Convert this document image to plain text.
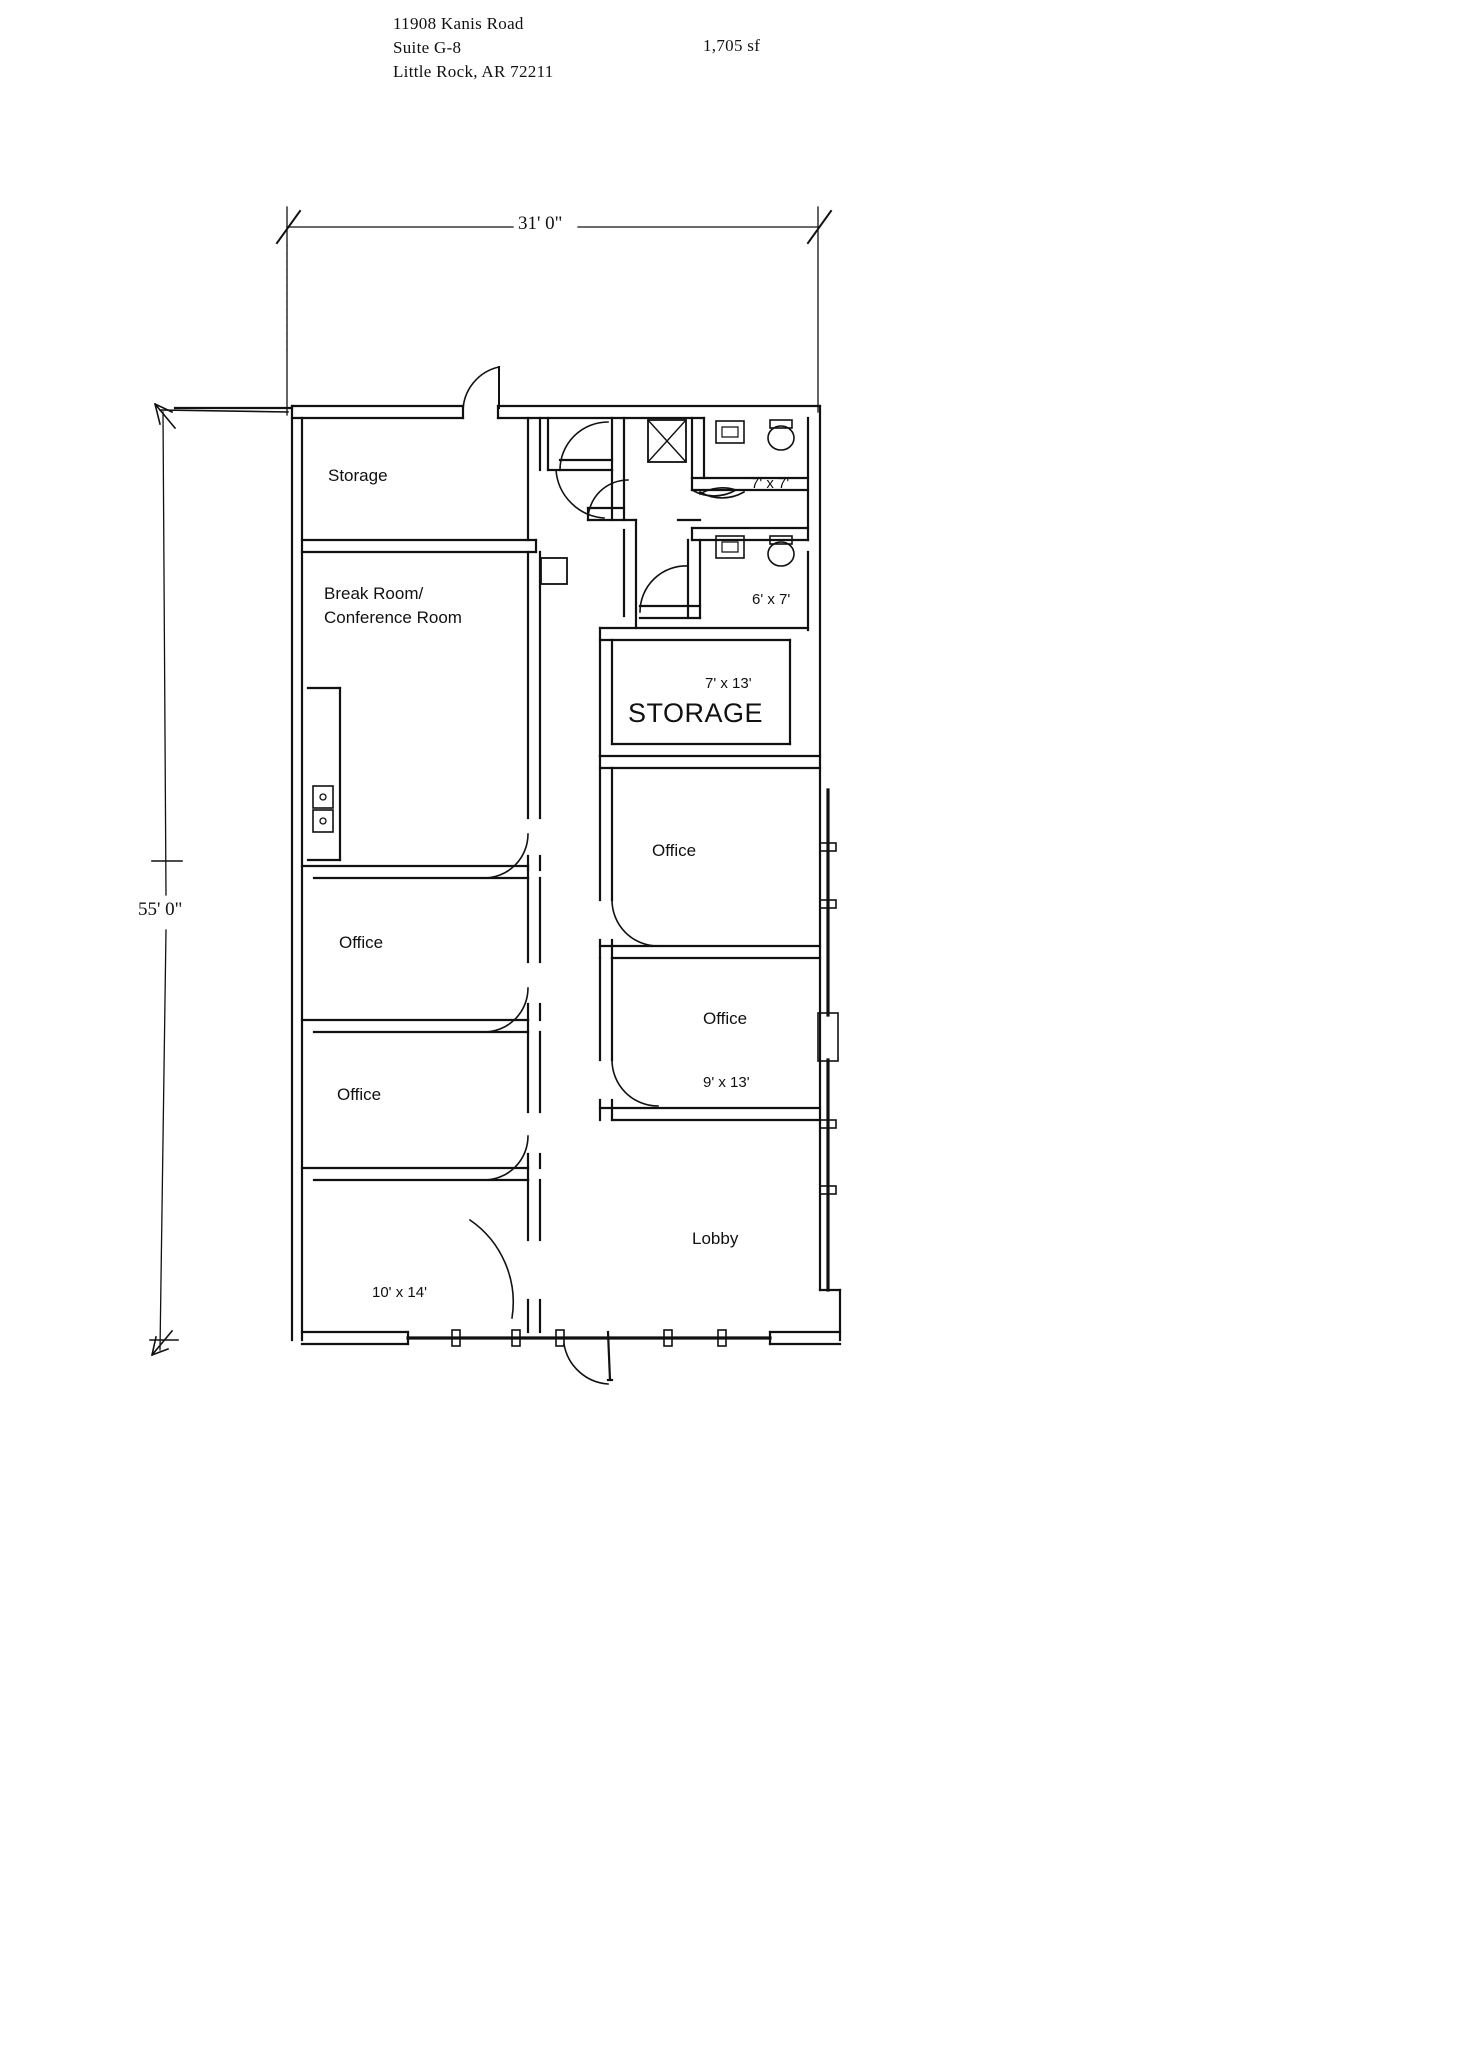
11908 Kanis Road
Suite G-8
Little Rock, AR 72211
1,705 sf
31' 0"
55' 0"
Storage
Break Room/
Conference Room
7' x 7'
6' x 7'
7' x 13'
STORAGE
Office
Office
9' x 13'
Office
Office
10' x 14'
Lobby
